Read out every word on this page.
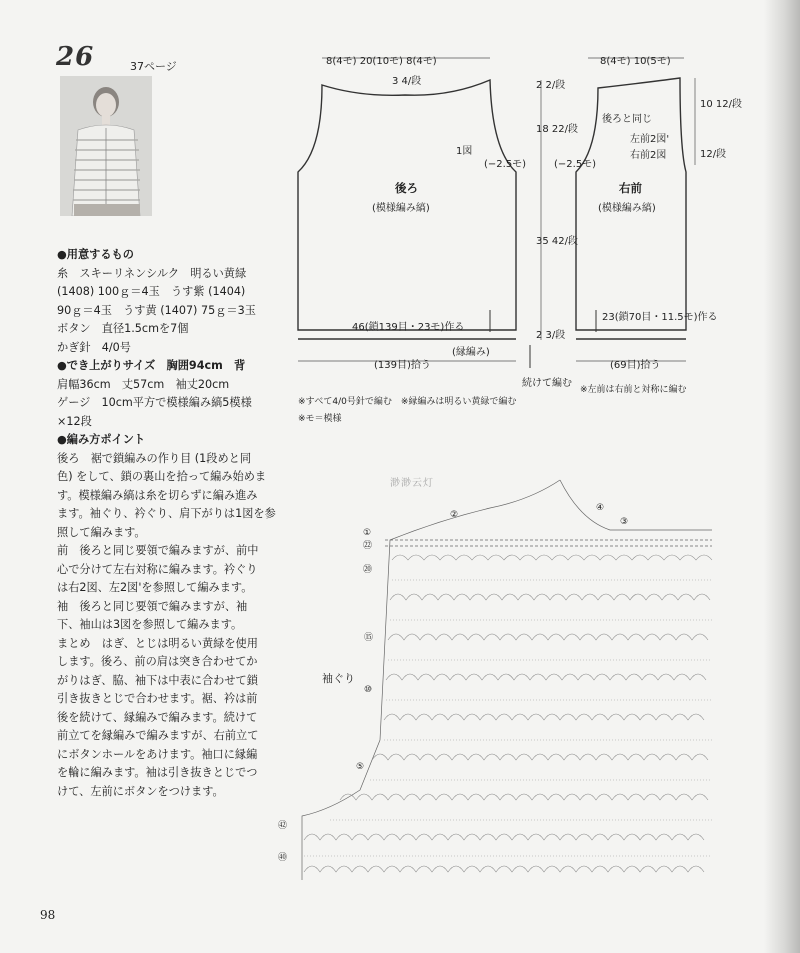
26	37ページ

●用意するもの

糸　スキーリネンシルク　明るい黄緑

(1408) 100ｇ＝4玉　うす紫 (1404)

90ｇ＝4玉　うす黄 (1407) 75ｇ＝3玉

ボタン　直径1.5cmを7個

かぎ針　4/0号

●でき上がりサイズ　胸囲94cm　背

肩幅36cm　丈57cm　袖丈20cm

ゲージ　10cm平方で模様編み縞5模様

×12段

●編み方ポイント

後ろ　裾で鎖編みの作り目 (1段めと同

色) をして、鎖の裏山を拾って編み始めま

す。模様編み縞は糸を切らずに編み進み

ます。袖ぐり、衿ぐり、肩下がりは1図を参

照して編みます。

前　後ろと同じ要領で編みますが、前中

心で分けて左右対称に編みます。衿ぐり

は右2図、左2図'を参照して編みます。

袖　後ろと同じ要領で編みますが、袖

下、袖山は3図を参照して編みます。

まとめ　はぎ、とじは明るい黄緑を使用

します。後ろ、前の肩は突き合わせてか

がりはぎ、脇、袖下は中表に合わせて鎖

引き抜きとじで合わせます。裾、衿は前

後を続けて、縁編みで編みます。続けて

前立てを縁編みで編みますが、右前立て

にボタンホールをあけます。袖口に縁編

を輪に編みます。袖は引き抜きとじでつ

けて、左前にボタンをつけます。

8(4モ) 20(10モ) 8(4モ)
3 4/段
1図
(−2.5モ)
後ろ
(模様編み縞)
46(鎖139目・23モ)作る
(縁編み)
(139目)拾う
2 2/段
18 22/段
35 42/段
2 3/段
8(4モ) 10(5モ)
後ろと同じ
左前2図'
右前2図
(−2.5モ)
右前
(模様編み縞)
23(鎖70目・11.5モ)作る
(69目)拾う
10 12/段
12/段
続けて編む
※左前は右前と対称に編む
※すべて4/0号針で編む　※縁編みは明るい黄緑で編む
※モ＝模様
渺渺云灯
袖ぐり
①
②
③
④
⑤
⑩
⑮
⑳
㉒
㊷
㊵
98
